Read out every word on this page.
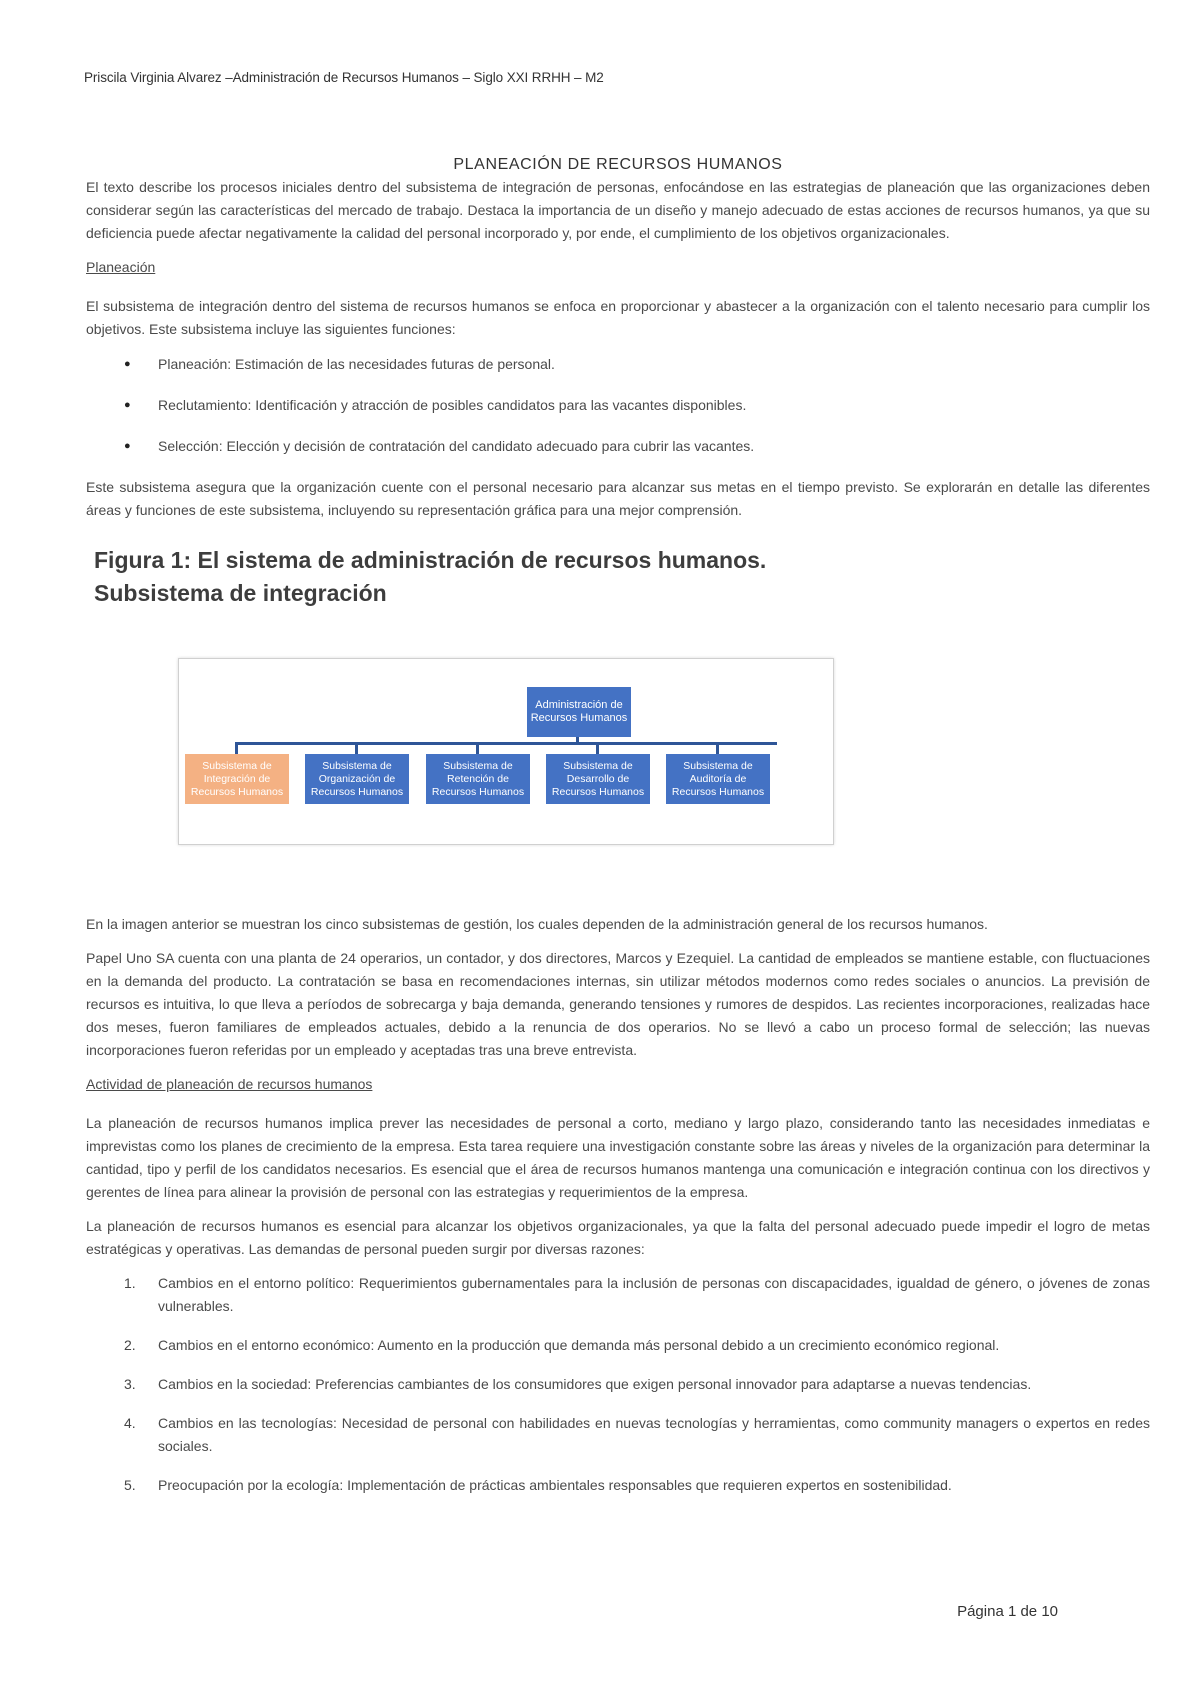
Priscila Virginia Alvarez –Administración de Recursos Humanos – Siglo XXI RRHH – M2
PLANEACIÓN DE RECURSOS HUMANOS

El texto describe los procesos iniciales dentro del subsistema de integración de personas, enfocándose en las estrategias de planeación que las organizaciones deben considerar según las características del mercado de trabajo. Destaca la importancia de un diseño y manejo adecuado de estas acciones de recursos humanos, ya que su deficiencia puede afectar negativamente la calidad del personal incorporado y, por ende, el cumplimiento de los objetivos organizacionales.

Planeación

El subsistema de integración dentro del sistema de recursos humanos se enfoca en proporcionar y abastecer a la organización con el talento necesario para cumplir los objetivos. Este subsistema incluye las siguientes funciones:

● Planeación: Estimación de las necesidades futuras de personal.
● Reclutamiento: Identificación y atracción de posibles candidatos para las vacantes disponibles.
● Selección: Elección y decisión de contratación del candidato adecuado para cubrir las vacantes.

Este subsistema asegura que la organización cuente con el personal necesario para alcanzar sus metas en el tiempo previsto. Se explorarán en detalle las diferentes áreas y funciones de este subsistema, incluyendo su representación gráfica para una mejor comprensión.

Figura 1: El sistema de administración de recursos humanos.
Subsistema de integración
Administración de
Recursos Humanos
Subsistema de
Integración de
Recursos Humanos
Subsistema de
Organización de
Recursos Humanos
Subsistema de
Retención de
Recursos Humanos
Subsistema de
Desarrollo de
Recursos Humanos
Subsistema de
Auditoría de
Recursos Humanos

En la imagen anterior se muestran los cinco subsistemas de gestión, los cuales dependen de la administración general de los recursos humanos.

Papel Uno SA cuenta con una planta de 24 operarios, un contador, y dos directores, Marcos y Ezequiel. La cantidad de empleados se mantiene estable, con fluctuaciones en la demanda del producto. La contratación se basa en recomendaciones internas, sin utilizar métodos modernos como redes sociales o anuncios. La previsión de recursos es intuitiva, lo que lleva a períodos de sobrecarga y baja demanda, generando tensiones y rumores de despidos. Las recientes incorporaciones, realizadas hace dos meses, fueron familiares de empleados actuales, debido a la renuncia de dos operarios. No se llevó a cabo un proceso formal de selección; las nuevas incorporaciones fueron referidas por un empleado y aceptadas tras una breve entrevista.

Actividad de planeación de recursos humanos

La planeación de recursos humanos implica prever las necesidades de personal a corto, mediano y largo plazo, considerando tanto las necesidades inmediatas e imprevistas como los planes de crecimiento de la empresa. Esta tarea requiere una investigación constante sobre las áreas y niveles de la organización para determinar la cantidad, tipo y perfil de los candidatos necesarios. Es esencial que el área de recursos humanos mantenga una comunicación e integración continua con los directivos y gerentes de línea para alinear la provisión de personal con las estrategias y requerimientos de la empresa.

La planeación de recursos humanos es esencial para alcanzar los objetivos organizacionales, ya que la falta del personal adecuado puede impedir el logro de metas estratégicas y operativas. Las demandas de personal pueden surgir por diversas razones:

1. Cambios en el entorno político: Requerimientos gubernamentales para la inclusión de personas con discapacidades, igualdad de género, o jóvenes de zonas vulnerables.
2. Cambios en el entorno económico: Aumento en la producción que demanda más personal debido a un crecimiento económico regional.
3. Cambios en la sociedad: Preferencias cambiantes de los consumidores que exigen personal innovador para adaptarse a nuevas tendencias.
4. Cambios en las tecnologías: Necesidad de personal con habilidades en nuevas tecnologías y herramientas, como community managers o expertos en redes sociales.
5. Preocupación por la ecología: Implementación de prácticas ambientales responsables que requieren expertos en sostenibilidad.
Página 1 de 10
